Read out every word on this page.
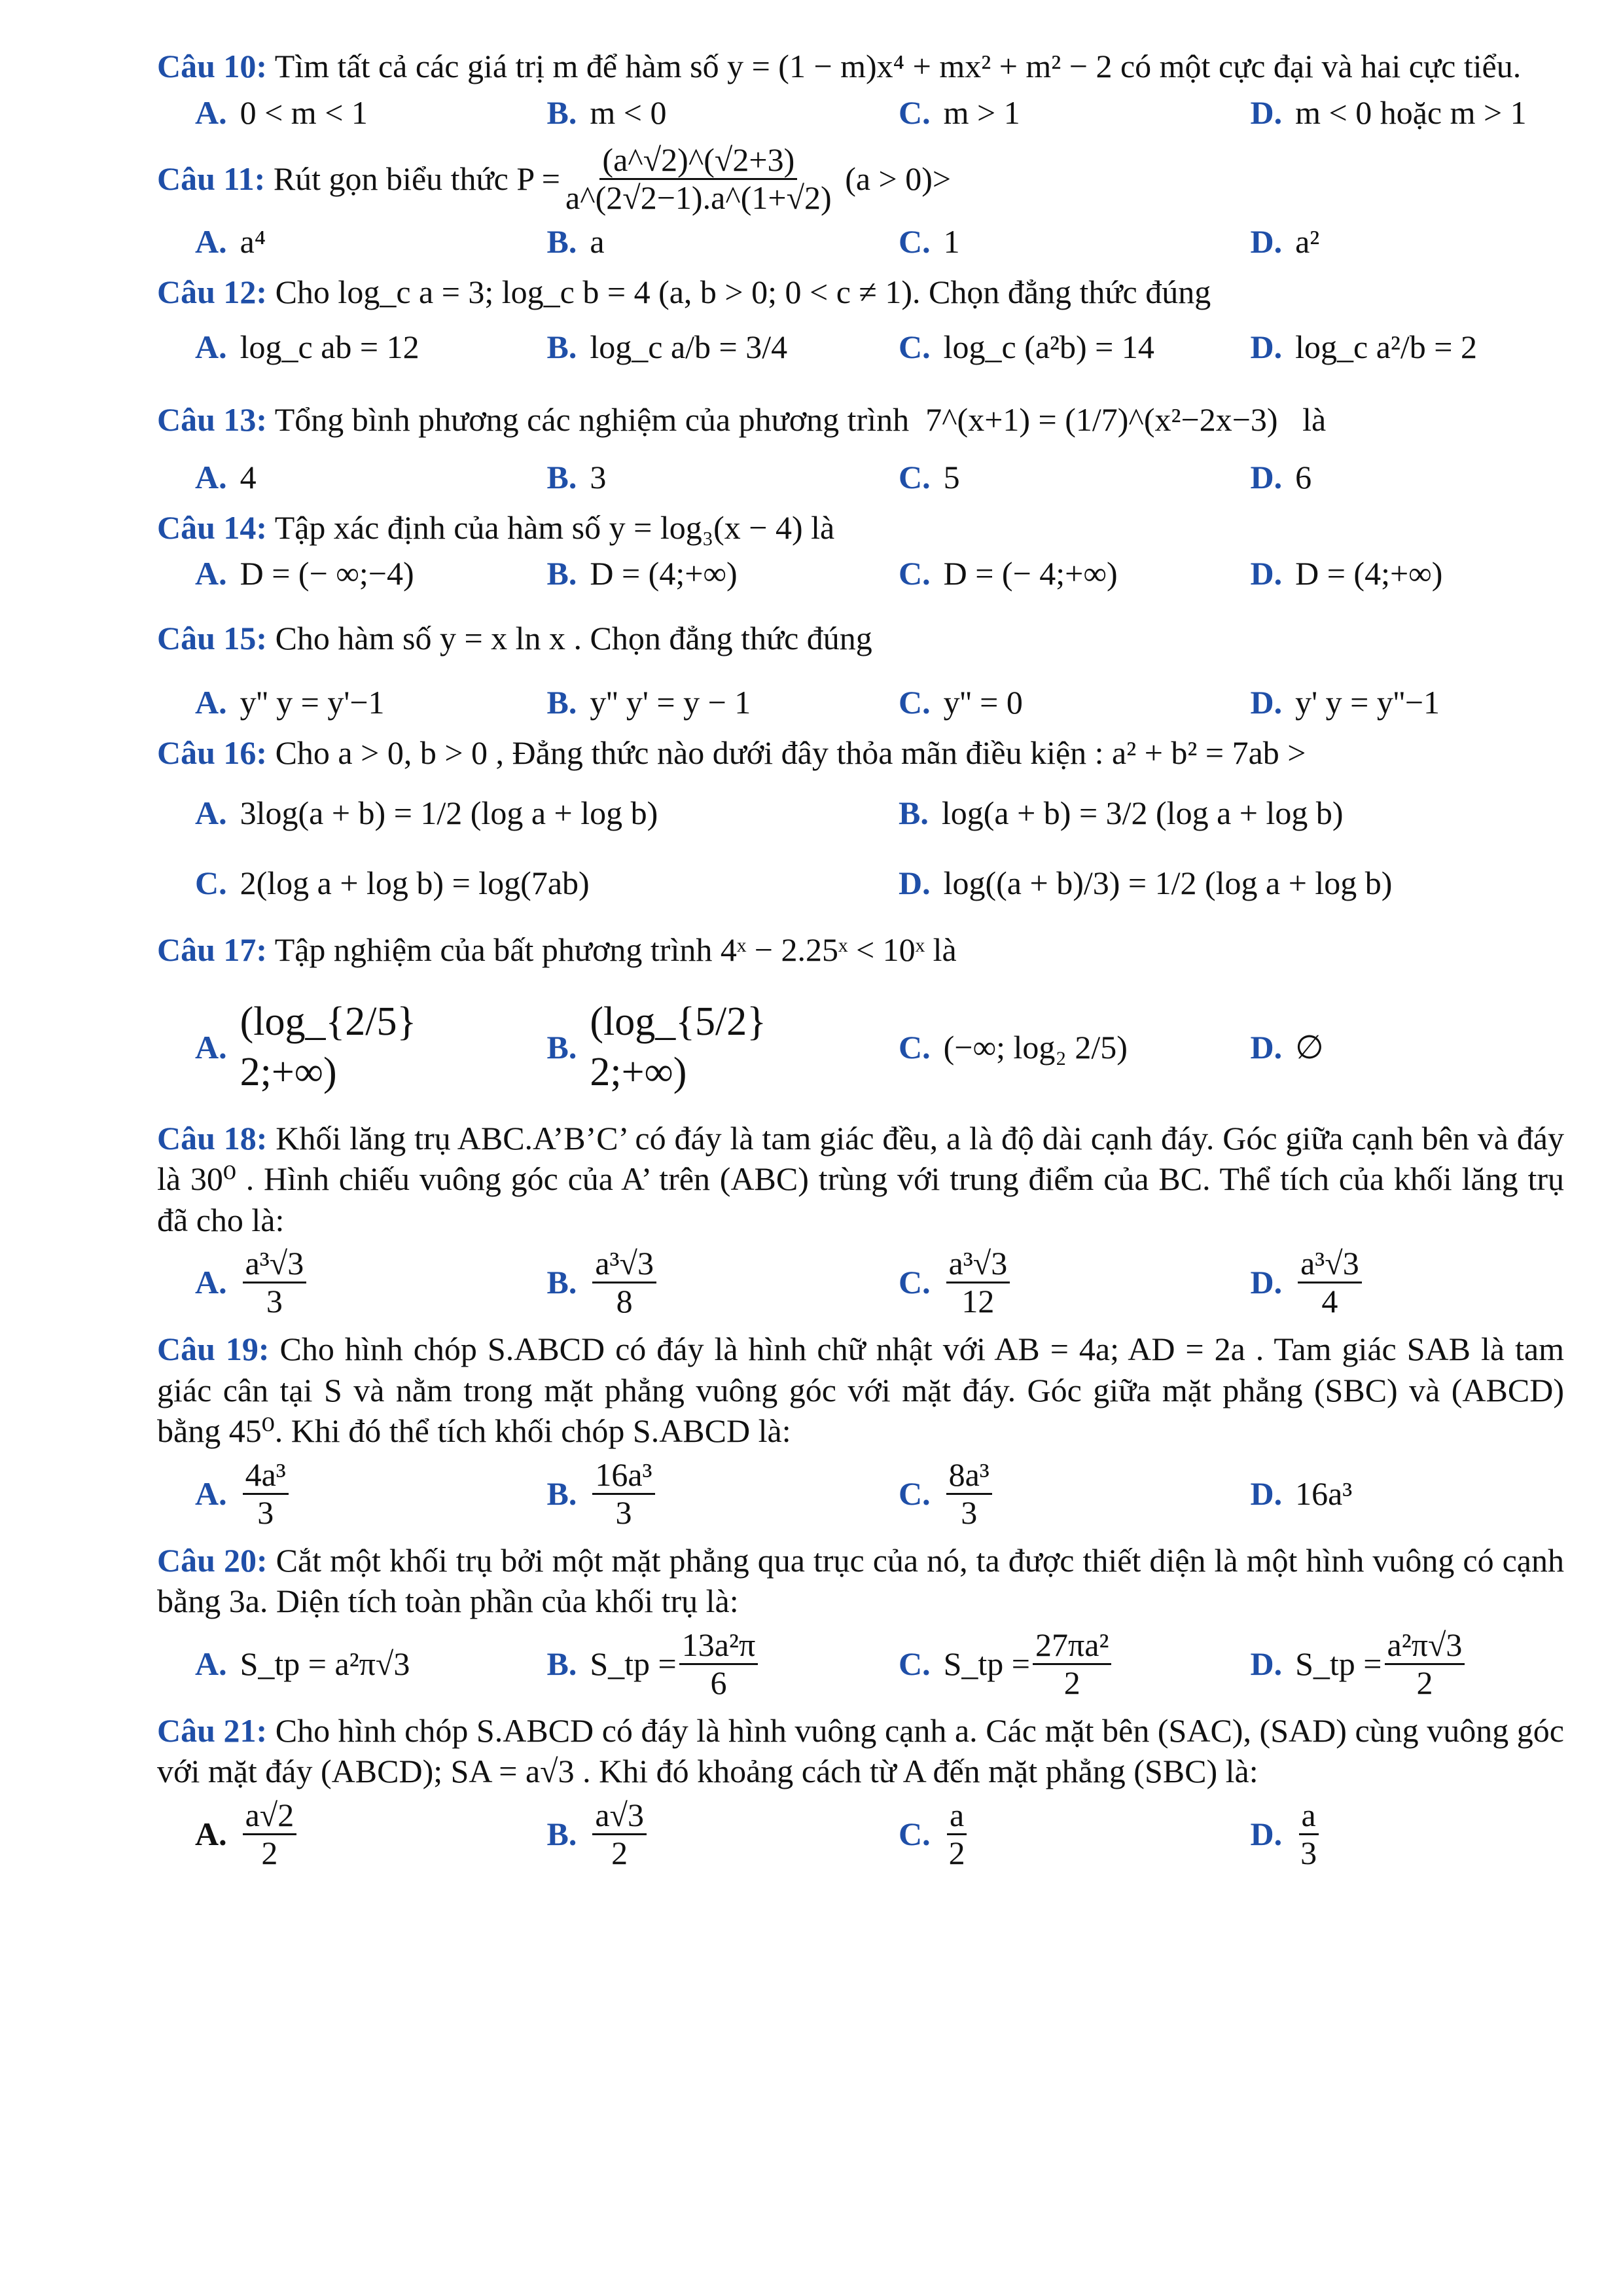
Câu 10: Tìm tất cả các giá trị m để hàm số y = (1 − m)x⁴ + mx² + m² − 2 có một cực đại và hai cực tiểu.

A. 0 < m < 1	B. m < 0	C. m > 1	D. m < 0 hoặc m > 1

Câu 11:
Rút gọn biểu thức
$P = \frac{(a\^{}√2)\^{}(√2+3)}{a\^{}(2√2-1).a\^{}(1+√2)}$
(a > 0)>

A. a⁴	B. a	C. 1	D. a²

Câu 12: Cho log_c a = 3; log_c b = 4 (a, b > 0; 0 < c ≠ 1). Chọn đẳng thức đúng

A. log_c ab = 12	B. log_c a/b = 3/4	C. log_c (a²b) = 14	D. log_c a²/b = 2

Câu 13: Tổng bình phương các nghiệm của phương trình 7^(x+1) = (1/7)^(x²−2x−3) là

A. 4	B. 3	C. 5	D. 6

Câu 14: Tập xác định của hàm số y = log₃(x − 4) là

A. D = (− ∞;−4)	B. D = (4;+∞)	C. D = (− 4;+∞)	D. D = (4;+∞)

Câu 15: Cho hàm số y = x ln x . Chọn đẳng thức đúng

A. y'' y = y'−1	B. y'' y' = y − 1	C. y'' = 0	D. y' y = y''−1

Câu 16: Cho a > 0, b > 0 , Đẳng thức nào dưới đây thỏa mãn điều kiện : a² + b² = 7ab >

A. 3log(a + b) = 1/2 (log a + log b)	B. log(a + b) = 3/2 (log a + log b)
C. 2(log a + log b) = log(7ab)	D. log((a + b)/3) = 1/2 (log a + log b)

Câu 17: Tập nghiệm của bất phương trình 4ˣ − 2.25ˣ < 10ˣ là

A.
(log_{2/5} 2;+∞)
B.
(log_{5/2} 2;+∞)
C. (−∞; log₂ 2/5)	D. ∅

Câu 18: Khối lăng trụ ABC.A’B’C’ có đáy là tam giác đều, a là độ dài cạnh đáy. Góc giữa cạnh bên và đáy là 30⁰ . Hình chiếu vuông góc của A’ trên (ABC) trùng với trung điểm của BC. Thể tích của khối lăng trụ đã cho là:

A. $\frac{\text{a³√3}}{3}$	B. $\frac{\text{a³√3}}{8}$	C. $\frac{\text{a³√3}}{12}$	D. $\frac{\text{a³√3}}{4}$

Câu 19: Cho hình chóp S.ABCD có đáy là hình chữ nhật với AB = 4a; AD = 2a . Tam giác SAB là tam giác cân tại S và nằm trong mặt phẳng vuông góc với mặt đáy. Góc giữa mặt phẳng (SBC) và (ABCD) bằng 45⁰. Khi đó thể tích khối chóp S.ABCD là:

A. $\frac{\text{4a³}}{3}$	B. $\frac{\text{16a³}}{3}$	C. $\frac{\text{8a³}}{3}$	D. 16a³

Câu 20: Cắt một khối trụ bởi một mặt phẳng qua trục của nó, ta được thiết diện là một hình vuông có cạnh bằng 3a. Diện tích toàn phần của khối trụ là:

A. S_tp = a²π√3	B. S_tp = $\frac{\text{13a²π}}{6}$	C. S_tp = $\frac{\text{27πa²}}{2}$	D. S_tp = $\frac{\text{a²π√3}}{2}$

Câu 21: Cho hình chóp S.ABCD có đáy là hình vuông cạnh a. Các mặt bên (SAC), (SAD) cùng vuông góc với mặt đáy (ABCD); SA = a√3 . Khi đó khoảng cách từ A đến mặt phẳng (SBC) là:

A. $\frac{a√2}{2}$	B. $\frac{a√3}{2}$	C. $\frac{a}{2}$	D. $\frac{a}{3}$
